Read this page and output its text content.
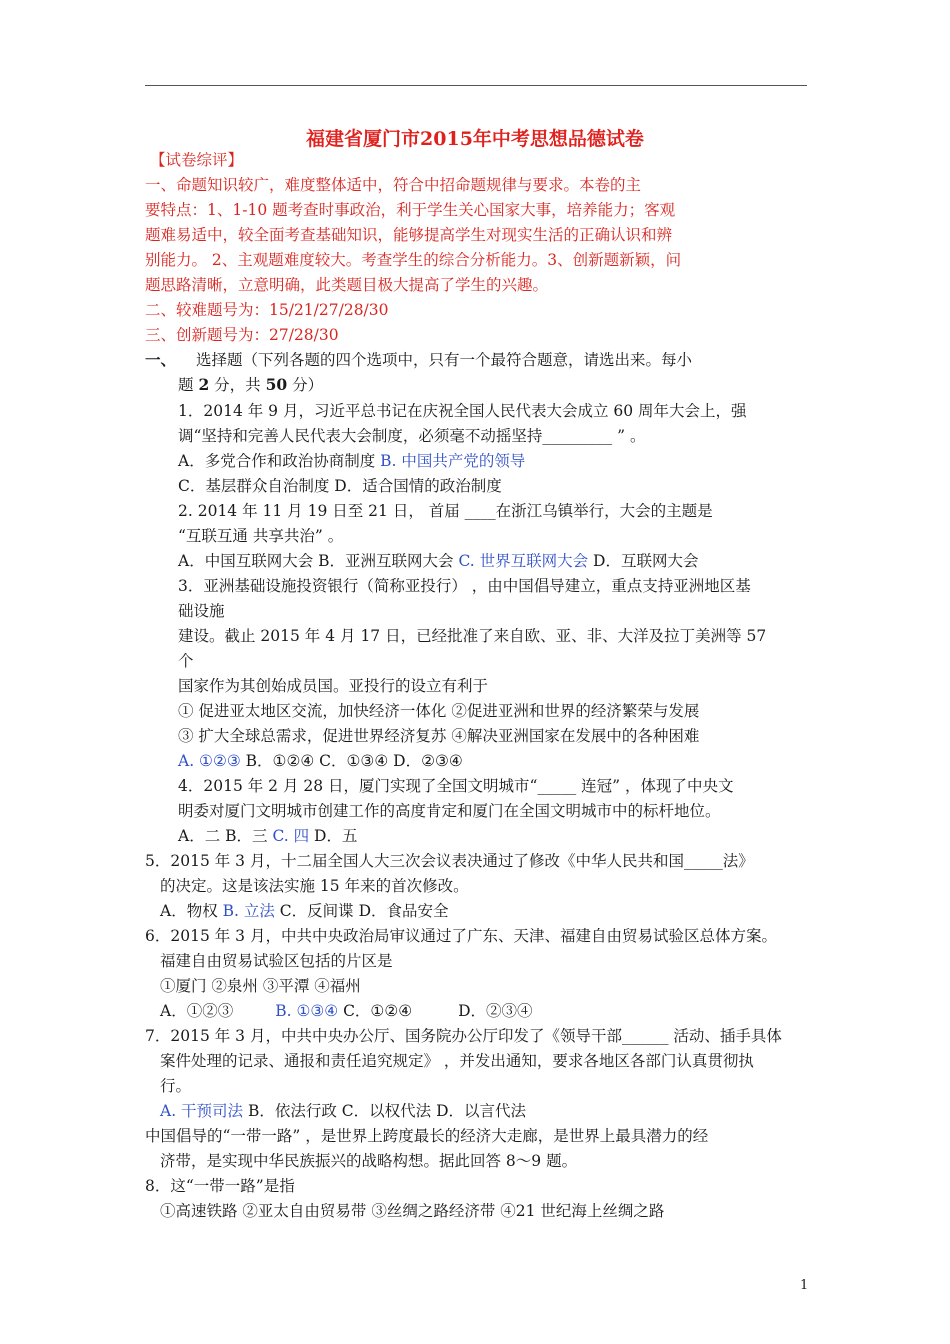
福建省厦门市2015年中考思想品德试卷
【试卷综评】
一、命题知识较广，难度整体适中，符合中招命题规律与要求。本卷的主
要特点：1、1-10 题考查时事政治，利于学生关心国家大事，培养能力；客观
题难易适中，较全面考查基础知识，能够提高学生对现实生活的正确认识和辨
别能力。 2、主观题难度较大。考查学生的综合分析能力。3、创新题新颖，问
题思路清晰，立意明确，此类题目极大提高了学生的兴趣。
二、较难题号为：15/21/27/28/30
三、创新题号为：27/28/30
一、 选择题（下列各题的四个选项中，只有一个最符合题意，请选出来。每小
题 2 分，共 50 分）
1．2014 年 9 月，习近平总书记在庆祝全国人民代表大会成立 60 周年大会上，强
调“坚持和完善人民代表大会制度，必须毫不动摇坚持_________ ” 。
A．多党合作和政治协商制度 B. 中国共产党的领导
C．基层群众自治制度 D．适合国情的政治制度
2. 2014 年 11 月 19 日至 21 日， 首届 ____在浙江乌镇举行，大会的主题是
“互联互通 共享共治” 。
A．中国互联网大会 B．亚洲互联网大会 C. 世界互联网大会 D．互联网大会
3．亚洲基础设施投资银行（简称亚投行） ，由中国倡导建立，重点支持亚洲地区基
础设施
建设。截止 2015 年 4 月 17 日，已经批准了来自欧、亚、非、大洋及拉丁美洲等 57
个
国家作为其创始成员国。亚投行的设立有利于
① 促进亚太地区交流，加快经济一体化 ②促进亚洲和世界的经济繁荣与发展
③ 扩大全球总需求，促进世界经济复苏 ④解决亚洲国家在发展中的各种困难
A. ①②③ B．①②④ C．①③④ D．②③④
4．2015 年 2 月 28 日，厦门实现了全国文明城市“_____ 连冠” ，体现了中央文
明委对厦门文明城市创建工作的高度肯定和厦门在全国文明城市中的标杆地位。
A．二 B．三 C. 四 D．五
5．2015 年 3 月，十二届全国人大三次会议表决通过了修改《中华人民共和国_____法》
的决定。这是该法实施 15 年来的首次修改。
A．物权 B. 立法 C．反间谍 D．食品安全
6．2015 年 3 月，中共中央政治局审议通过了广东、天津、福建自由贸易试验区总体方案。
福建自由贸易试验区包括的片区是
①厦门 ②泉州 ③平潭 ④福州
A．①②③	B. ①③④ C．①②④	D．②③④
7．2015 年 3 月，中共中央办公厅、国务院办公厅印发了《领导干部______ 活动、插手具体
案件处理的记录、通报和责任追究规定》 ，并发出通知，要求各地区各部门认真贯彻执
行。
A. 干预司法 B．依法行政 C．以权代法 D．以言代法
中国倡导的“一带一路” ，是世界上跨度最长的经济大走廊，是世界上最具潜力的经
济带，是实现中华民族振兴的战略构想。据此回答 8～9 题。
8．这“一带一路”是指
①高速铁路 ②亚太自由贸易带 ③丝绸之路经济带 ④21 世纪海上丝绸之路
1
